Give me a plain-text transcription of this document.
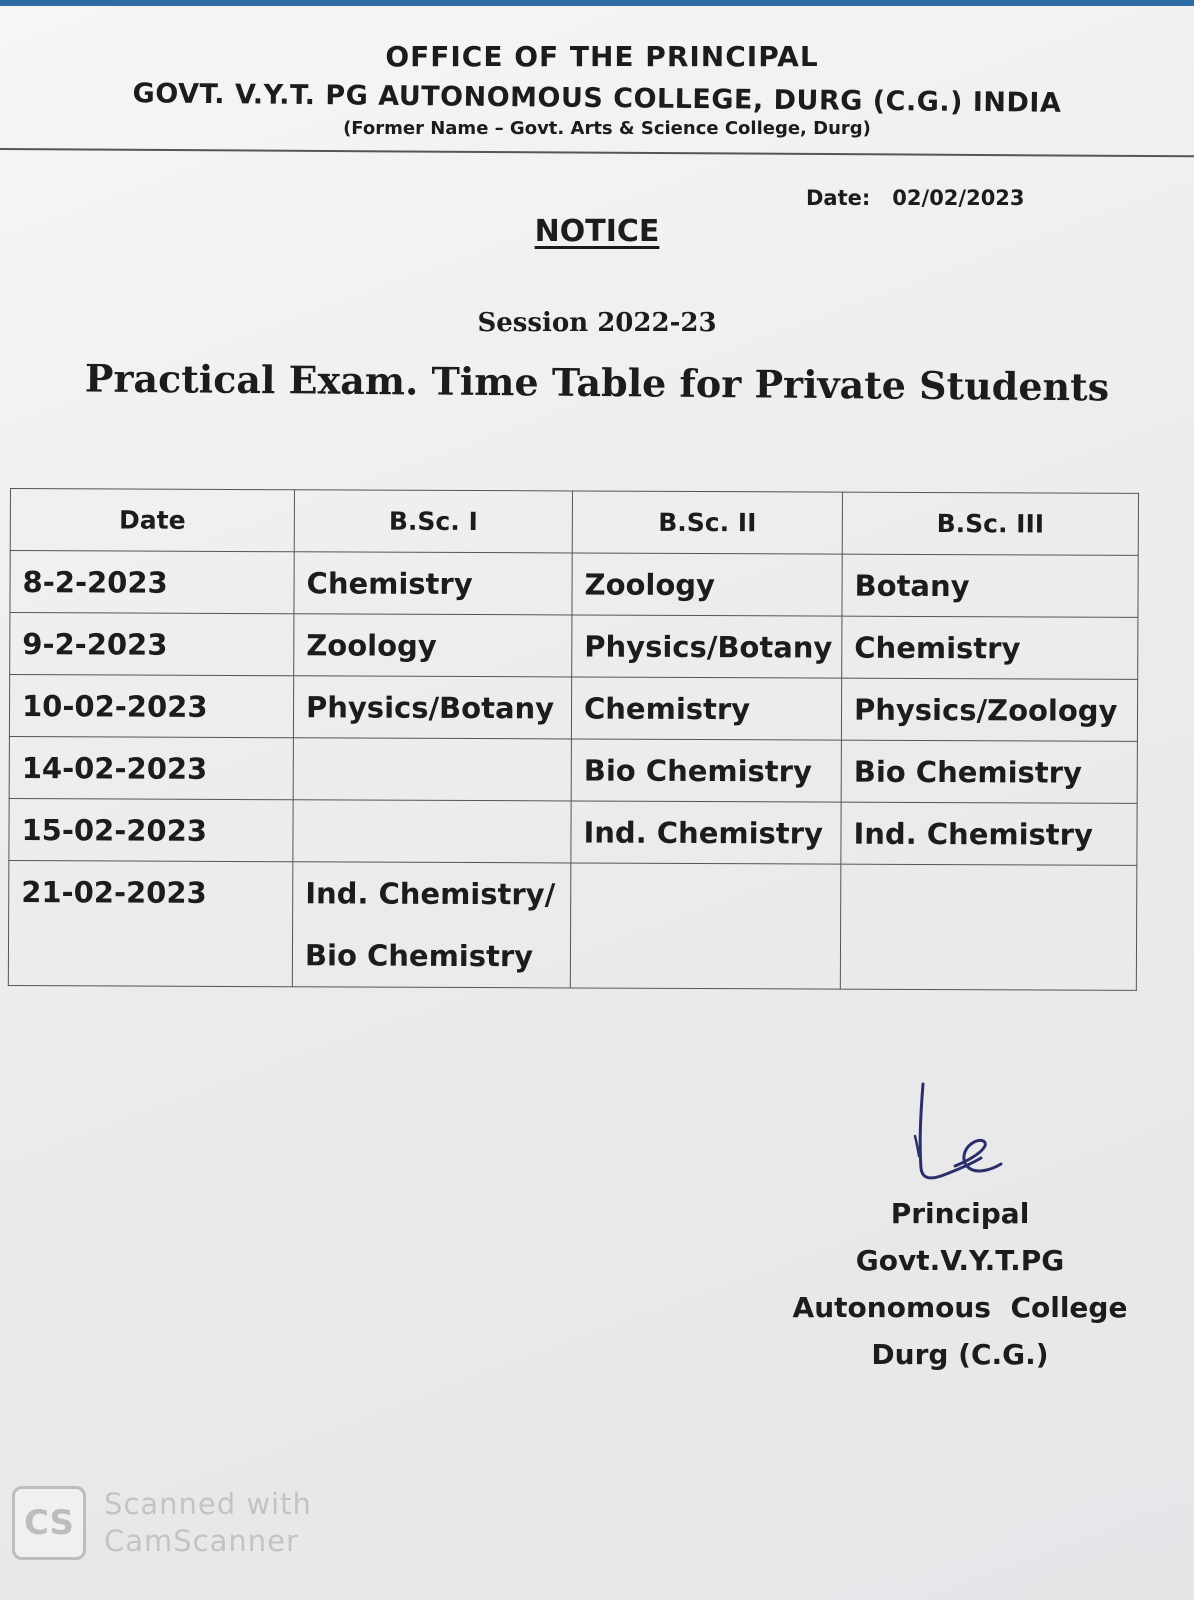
OFFICE OF THE PRINCIPAL
GOVT. V.Y.T. PG AUTONOMOUS COLLEGE, DURG (C.G.) INDIA
(Former Name – Govt. Arts & Science College, Durg)
Date: 02/02/2023
NOTICE
Session 2022-23
Practical Exam. Time Table for Private Students
Date	B.Sc. I	B.Sc. II	B.Sc. III
8-2-2023	Chemistry	Zoology	Botany
9-2-2023	Zoology	Physics/Botany	Chemistry
10-02-2023	Physics/Botany	Chemistry	Physics/Zoology
14-02-2023		Bio Chemistry	Bio Chemistry
15-02-2023		Ind. Chemistry	Ind. Chemistry
21-02-2023	Ind. Chemistry/
Bio Chemistry		

Principal
Govt.V.Y.T.PG
Autonomous  College
Durg (C.G.)
CS	Scanned with
CamScanner
